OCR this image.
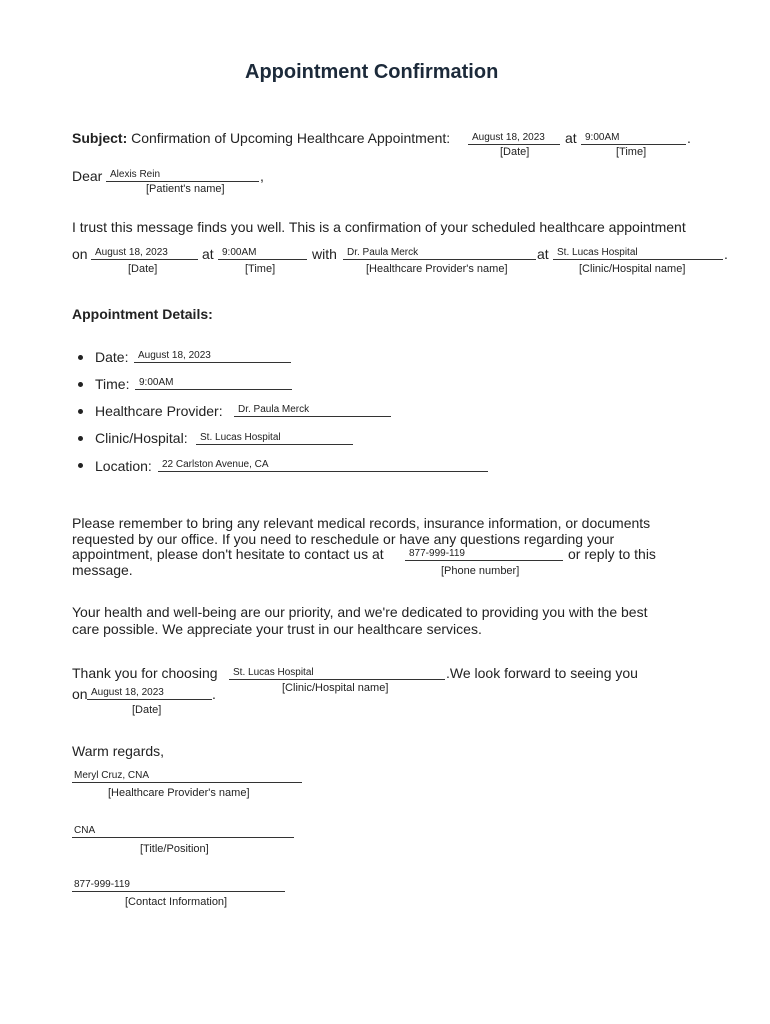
Appointment Confirmation
Subject: Confirmation of Upcoming Healthcare Appointment: August 18, 2023 at 9:00AM	.
[Date]	[Time]
Dear Alexis Rein	,
[Patient's name]
I trust this message finds you well. This is a confirmation of your scheduled healthcare appointment
on August 18, 2023 at 9:00AM	with Dr. Paula Merck	at St. Lucas Hospital	.
[Date]	[Time]	[Healthcare Provider's name]	[Clinic/Hospital name]
Appointment Details:
Date: August 18, 2023
Time: 9:00AM
Healthcare Provider: Dr. Paula Merck
Clinic/Hospital: St. Lucas Hospital
Location: 22 Carlston Avenue, CA
Please remember to bring any relevant medical records, insurance information, or documents
requested by our office. If you need to reschedule or have any questions regarding your
appointment, please don't hesitate to contact us at	877-999-119	or reply to this
message.	[Phone number]
Your health and well-being are our priority, and we're dedicated to providing you with the best
care possible. We appreciate your trust in our healthcare services.
Thank you for choosing St. Lucas Hospital	.We look forward to seeing you
[Clinic/Hospital name]
on August 18, 2023	.
[Date]
Warm regards,
Meryl Cruz, CNA
[Healthcare Provider's name]
CNA
[Title/Position]
877-999-119
[Contact Information]
